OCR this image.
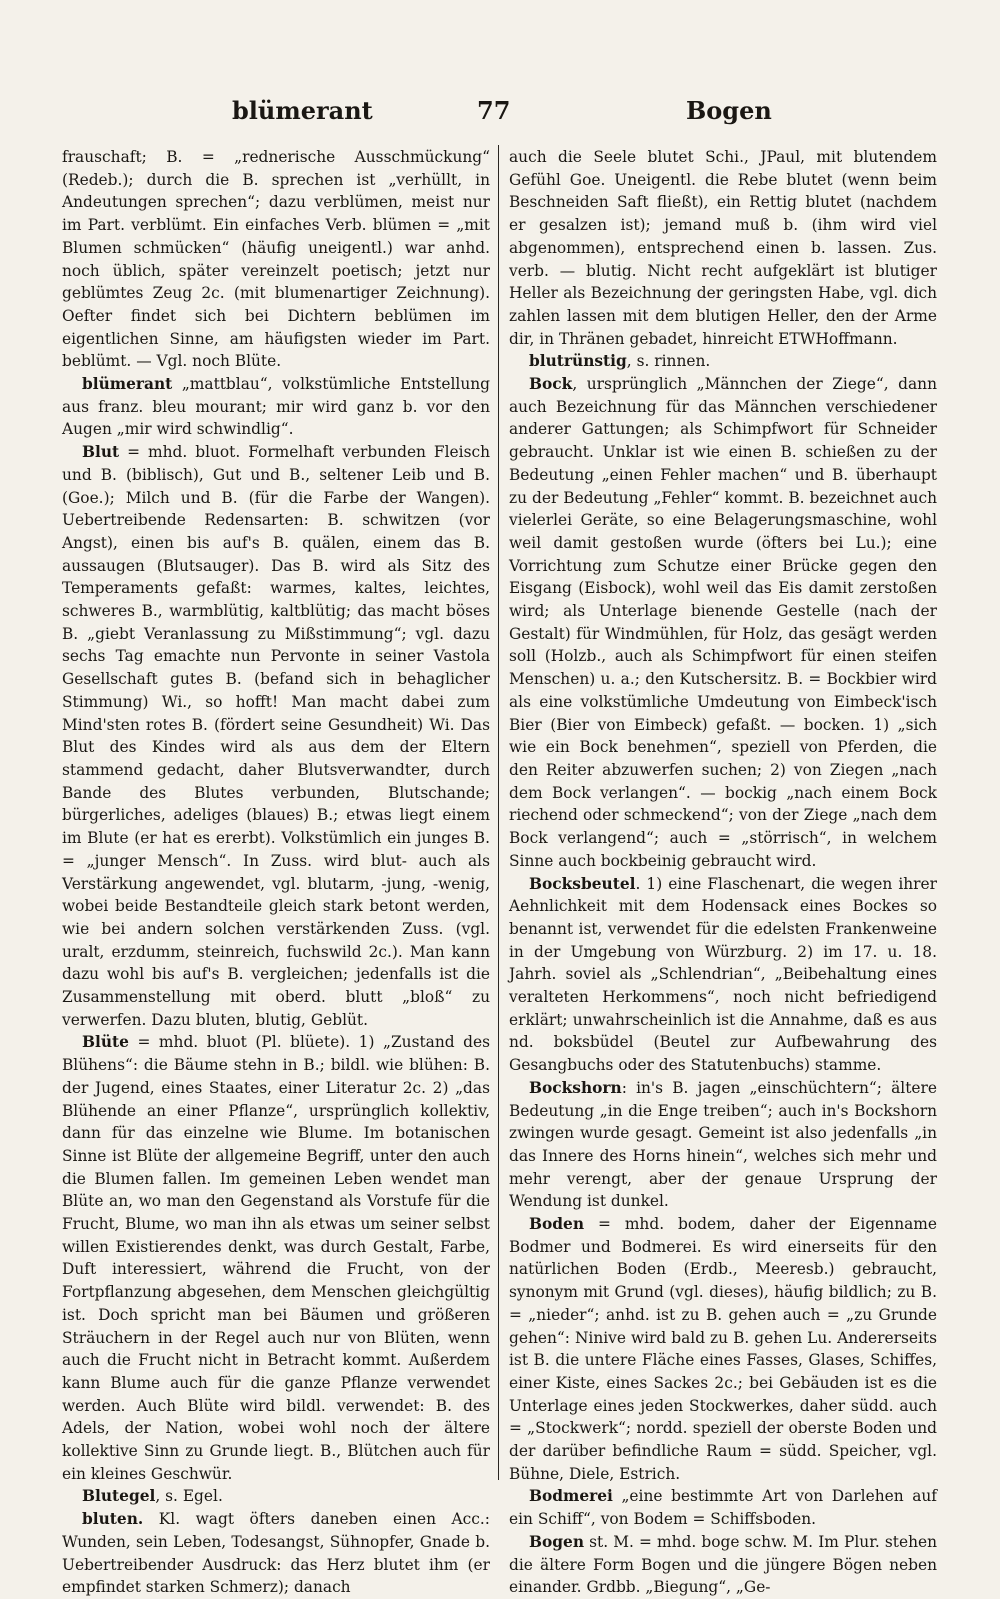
blümerant	77	Bogen

frauschaft; B. = „rednerische Ausschmückung“ (Redeb.); durch die B. sprechen ist „verhüllt, in Andeutungen sprechen“; dazu verblümen, meist nur im Part. verblümt. Ein einfaches Verb. blümen = „mit Blumen schmücken“ (häufig uneigentl.) war anhd. noch üblich, später vereinzelt poetisch; jetzt nur geblümtes Zeug 2c. (mit blumenartiger Zeichnung). Oefter findet sich bei Dichtern beblümen im eigentlichen Sinne, am häufigsten wieder im Part. beblümt. — Vgl. noch Blüte.

blümerant „mattblau“, volkstümliche Entstellung aus franz. bleu mourant; mir wird ganz b. vor den Augen „mir wird schwindlig“.

Blut = mhd. bluot. Formelhaft verbunden Fleisch und B. (biblisch), Gut und B., seltener Leib und B. (Goe.); Milch und B. (für die Farbe der Wangen). Uebertreibende Redensarten: B. schwitzen (vor Angst), einen bis auf's B. quälen, einem das B. aussaugen (Blutsauger). Das B. wird als Sitz des Temperaments gefaßt: warmes, kaltes, leichtes, schweres B., warmblütig, kaltblütig; das macht böses B. „giebt Veranlassung zu Mißstimmung“; vgl. dazu sechs Tag emachte nun Pervonte in seiner Vastola Gesellschaft gutes B. (befand sich in behaglicher Stimmung) Wi., so hofft! Man macht dabei zum Mind'sten rotes B. (fördert seine Gesundheit) Wi. Das Blut des Kindes wird als aus dem der Eltern stammend gedacht, daher Blutsverwandter, durch Bande des Blutes verbunden, Blutschande; bürgerliches, adeliges (blaues) B.; etwas liegt einem im Blute (er hat es ererbt). Volkstümlich ein junges B. = „junger Mensch“. In Zuss. wird blut- auch als Verstärkung angewendet, vgl. blutarm, -jung, -wenig, wobei beide Bestandteile gleich stark betont werden, wie bei andern solchen verstärkenden Zuss. (vgl. uralt, erzdumm, steinreich, fuchswild 2c.). Man kann dazu wohl bis auf's B. vergleichen; jedenfalls ist die Zusammenstellung mit oberd. blutt „bloß“ zu verwerfen. Dazu bluten, blutig, Geblüt.

Blüte = mhd. bluot (Pl. blüete). 1) „Zustand des Blühens“: die Bäume stehn in B.; bildl. wie blühen: B. der Jugend, eines Staates, einer Literatur 2c. 2) „das Blühende an einer Pflanze“, ursprünglich kollektiv, dann für das einzelne wie Blume. Im botanischen Sinne ist Blüte der allgemeine Begriff, unter den auch die Blumen fallen. Im gemeinen Leben wendet man Blüte an, wo man den Gegenstand als Vorstufe für die Frucht, Blume, wo man ihn als etwas um seiner selbst willen Existierendes denkt, was durch Gestalt, Farbe, Duft interessiert, während die Frucht, von der Fortpflanzung abgesehen, dem Menschen gleichgültig ist. Doch spricht man bei Bäumen und größeren Sträuchern in der Regel auch nur von Blüten, wenn auch die Frucht nicht in Betracht kommt. Außerdem kann Blume auch für die ganze Pflanze verwendet werden. Auch Blüte wird bildl. verwendet: B. des Adels, der Nation, wobei wohl noch der ältere kollektive Sinn zu Grunde liegt. B., Blütchen auch für ein kleines Geschwür.

Blutegel, s. Egel.

bluten. Kl. wagt öfters daneben einen Acc.: Wunden, sein Leben, Todesangst, Sühnopfer, Gnade b. Uebertreibender Ausdruck: das Herz blutet ihm (er empfindet starken Schmerz); danach

auch die Seele blutet Schi., JPaul, mit blutendem Gefühl Goe. Uneigentl. die Rebe blutet (wenn beim Beschneiden Saft fließt), ein Rettig blutet (nachdem er gesalzen ist); jemand muß b. (ihm wird viel abgenommen), entsprechend einen b. lassen. Zus. verb. — blutig. Nicht recht aufgeklärt ist blutiger Heller als Bezeichnung der geringsten Habe, vgl. dich zahlen lassen mit dem blutigen Heller, den der Arme dir, in Thränen gebadet, hinreicht ETWHoffmann.

blutrünstig, s. rinnen.

Bock, ursprünglich „Männchen der Ziege“, dann auch Bezeichnung für das Männchen verschiedener anderer Gattungen; als Schimpfwort für Schneider gebraucht. Unklar ist wie einen B. schießen zu der Bedeutung „einen Fehler machen“ und B. überhaupt zu der Bedeutung „Fehler“ kommt. B. bezeichnet auch vielerlei Geräte, so eine Belagerungsmaschine, wohl weil damit gestoßen wurde (öfters bei Lu.); eine Vorrichtung zum Schutze einer Brücke gegen den Eisgang (Eisbock), wohl weil das Eis damit zerstoßen wird; als Unterlage bienende Gestelle (nach der Gestalt) für Windmühlen, für Holz, das gesägt werden soll (Holzb., auch als Schimpfwort für einen steifen Menschen) u. a.; den Kutschersitz. B. = Bockbier wird als eine volkstümliche Umdeutung von Eimbeck'isch Bier (Bier von Eimbeck) gefaßt. — bocken. 1) „sich wie ein Bock benehmen“, speziell von Pferden, die den Reiter abzuwerfen suchen; 2) von Ziegen „nach dem Bock verlangen“. — bockig „nach einem Bock riechend oder schmeckend“; von der Ziege „nach dem Bock verlangend“; auch = „störrisch“, in welchem Sinne auch bockbeinig gebraucht wird.

Bocksbeutel. 1) eine Flaschenart, die wegen ihrer Aehnlichkeit mit dem Hodensack eines Bockes so benannt ist, verwendet für die edelsten Frankenweine in der Umgebung von Würzburg. 2) im 17. u. 18. Jahrh. soviel als „Schlendrian“, „Beibehaltung eines veralteten Herkommens“, noch nicht befriedigend erklärt; unwahrscheinlich ist die Annahme, daß es aus nd. boksbüdel (Beutel zur Aufbewahrung des Gesangbuchs oder des Statutenbuchs) stamme.

Bockshorn: in's B. jagen „einschüchtern“; ältere Bedeutung „in die Enge treiben“; auch in's Bockshorn zwingen wurde gesagt. Gemeint ist also jedenfalls „in das Innere des Horns hinein“, welches sich mehr und mehr verengt, aber der genaue Ursprung der Wendung ist dunkel.

Boden = mhd. bodem, daher der Eigenname Bodmer und Bodmerei. Es wird einerseits für den natürlichen Boden (Erdb., Meeresb.) gebraucht, synonym mit Grund (vgl. dieses), häufig bildlich; zu B. = „nieder“; anhd. ist zu B. gehen auch = „zu Grunde gehen“: Ninive wird bald zu B. gehen Lu. Andererseits ist B. die untere Fläche eines Fasses, Glases, Schiffes, einer Kiste, eines Sackes 2c.; bei Gebäuden ist es die Unterlage eines jeden Stockwerkes, daher südd. auch = „Stockwerk“; nordd. speziell der oberste Boden und der darüber befindliche Raum = südd. Speicher, vgl. Bühne, Diele, Estrich.

Bodmerei „eine bestimmte Art von Darlehen auf ein Schiff“, von Bodem = Schiffsboden.

Bogen st. M. = mhd. boge schw. M. Im Plur. stehen die ältere Form Bogen und die jüngere Bögen neben einander. Grdbb. „Biegung“, „Ge-
